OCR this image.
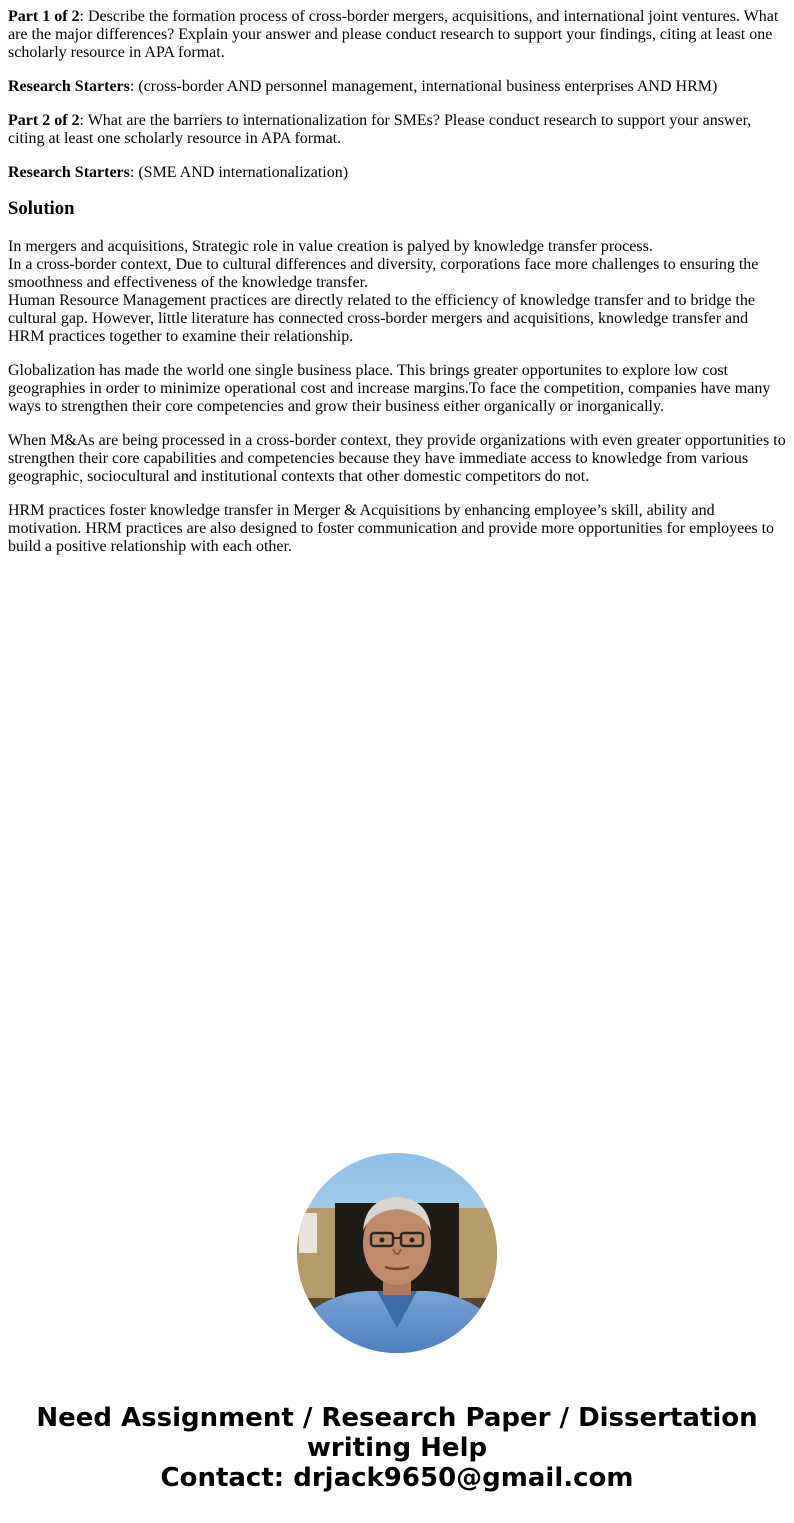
Part 1 of 2: Describe the formation process of cross-border mergers, acquisitions, and international joint ventures. What are the major differences? Explain your answer and please conduct research to support your findings, citing at least one scholarly resource in APA format.

Research Starters: (cross-border AND personnel management, international business enterprises AND HRM)

Part 2 of 2: What are the barriers to internationalization for SMEs? Please conduct research to support your answer, citing at least one scholarly resource in APA format.

Research Starters: (SME AND internationalization)

Solution

In mergers and acquisitions, Strategic role in value creation is palyed by knowledge transfer process.
In a cross-border context, Due to cultural differences and diversity, corporations face more challenges to ensuring the smoothness and effectiveness of the knowledge transfer.
Human Resource Management practices are directly related to the efficiency of knowledge transfer and to bridge the cultural gap. However, little literature has connected cross-border mergers and acquisitions, knowledge transfer and HRM practices together to examine their relationship.

Globalization has made the world one single business place. This brings greater opportunites to explore low cost geographies in order to minimize operational cost and increase margins.To face the competition, companies have many ways to strengthen their core competencies and grow their business either organically or inorganically.

When M&As are being processed in a cross-border context, they provide organizations with even greater opportunities to strengthen their core capabilities and competencies because they have immediate access to knowledge from various geographic, sociocultural and institutional contexts that other domestic competitors do not.

HRM practices foster knowledge transfer in Merger & Acquisitions by enhancing employee’s skill, ability and motivation. HRM practices are also designed to foster communication and provide more opportunities for employees to build a positive relationship with each other.

Need Assignment / Research Paper / Dissertation
writing Help
Contact: drjack9650@gmail.com
